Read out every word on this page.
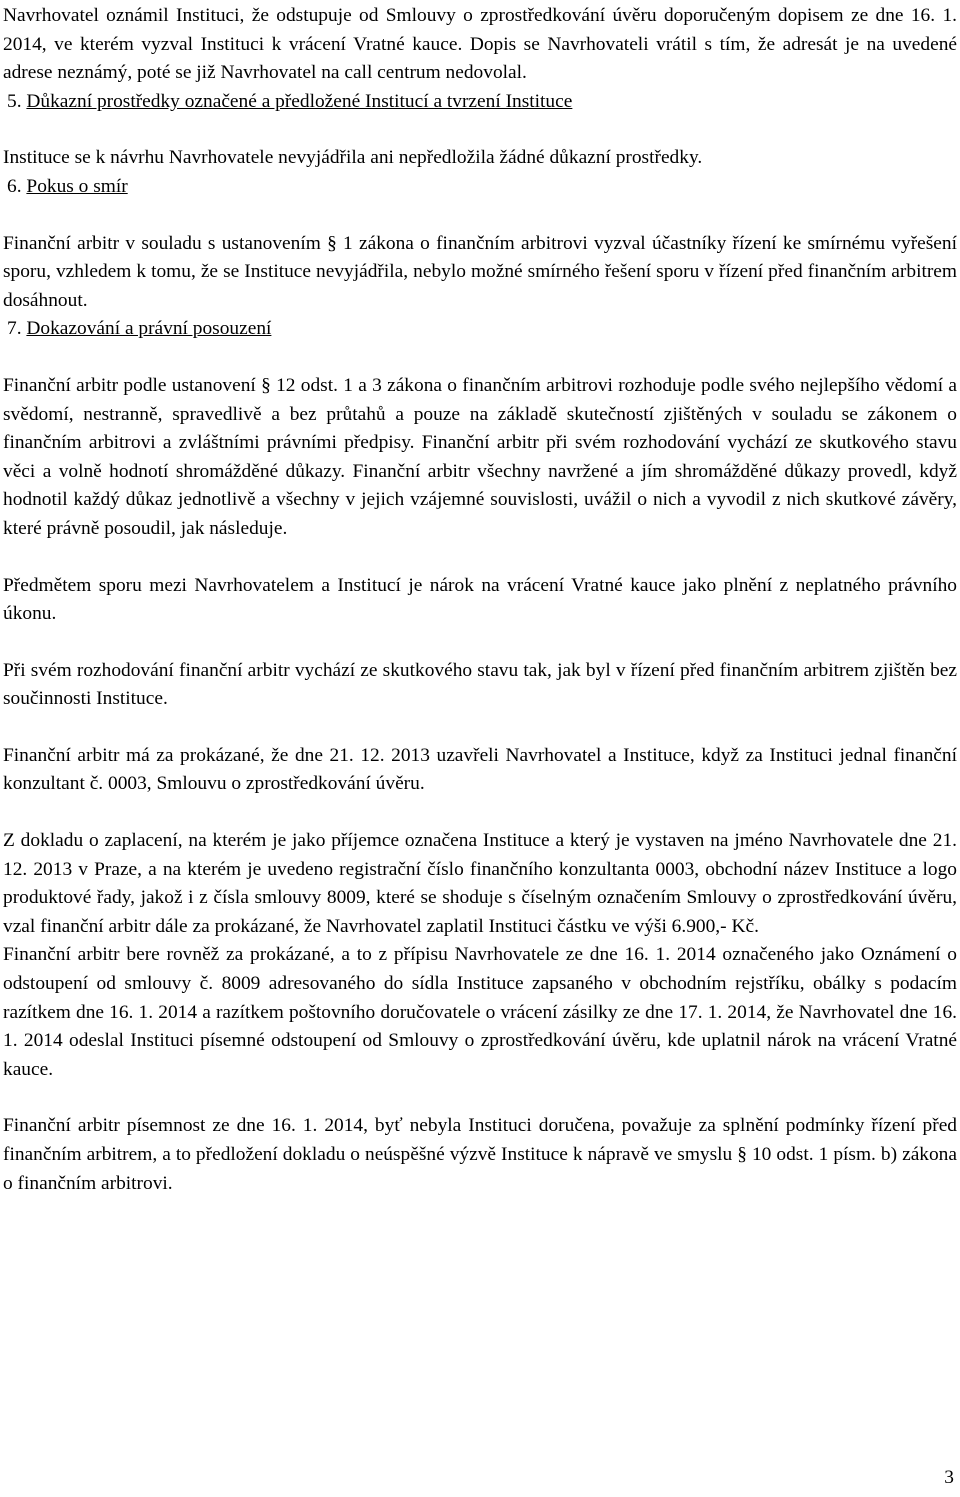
Navrhovatel oznámil Instituci, že odstupuje od Smlouvy o zprostředkování úvěru doporučeným dopisem ze dne 16. 1. 2014, ve kterém vyzval Instituci k vrácení Vratné kauce. Dopis se Navrhovateli vrátil s tím, že adresát je na uvedené adrese neznámý, poté se již Navrhovatel na call centrum nedovolal.

5. Důkazní prostředky označené a předložené Institucí a tvrzení Instituce

Instituce se k návrhu Navrhovatele nevyjádřila ani nepředložila žádné důkazní prostředky.

6. Pokus o smír

Finanční arbitr v souladu s ustanovením § 1 zákona o finančním arbitrovi vyzval účastníky řízení ke smírnému vyřešení sporu, vzhledem k tomu, že se Instituce nevyjádřila, nebylo možné smírného řešení sporu v řízení před finančním arbitrem dosáhnout.

7. Dokazování a právní posouzení

Finanční arbitr podle ustanovení § 12 odst. 1 a 3 zákona o finančním arbitrovi rozhoduje podle svého nejlepšího vědomí a svědomí, nestranně, spravedlivě a bez průtahů a pouze na základě skutečností zjištěných v souladu se zákonem o finančním arbitrovi a zvláštními právními předpisy. Finanční arbitr při svém rozhodování vychází ze skutkového stavu věci a volně hodnotí shromážděné důkazy. Finanční arbitr všechny navržené a jím shromážděné důkazy provedl, když hodnotil každý důkaz jednotlivě a všechny v jejich vzájemné souvislosti, uvážil o nich a vyvodil z nich skutkové závěry, které právně posoudil, jak následuje.

Předmětem sporu mezi Navrhovatelem a Institucí je nárok na vrácení Vratné kauce jako plnění z neplatného právního úkonu.

Při svém rozhodování finanční arbitr vychází ze skutkového stavu tak, jak byl v řízení před finančním arbitrem zjištěn bez součinnosti Instituce.

Finanční arbitr má za prokázané, že dne 21. 12. 2013 uzavřeli Navrhovatel a Instituce, když za Instituci jednal finanční konzultant č. 0003, Smlouvu o zprostředkování úvěru.

Z dokladu o zaplacení, na kterém je jako příjemce označena Instituce a který je vystaven na jméno Navrhovatele dne 21. 12. 2013 v Praze, a na kterém je uvedeno registrační číslo finančního konzultanta 0003, obchodní název Instituce a logo produktové řady, jakož i z čísla smlouvy 8009, které se shoduje s číselným označením Smlouvy o zprostředkování úvěru, vzal finanční arbitr dále za prokázané, že Navrhovatel zaplatil Instituci částku ve výši 6.900,- Kč.

Finanční arbitr bere rovněž za prokázané, a to z přípisu Navrhovatele ze dne 16. 1. 2014 označeného jako Oznámení o odstoupení od smlouvy č. 8009 adresovaného do sídla Instituce zapsaného v obchodním rejstříku, obálky s podacím razítkem dne 16. 1. 2014 a razítkem poštovního doručovatele o vrácení zásilky ze dne 17. 1. 2014, že Navrhovatel dne 16. 1. 2014 odeslal Instituci písemné odstoupení od Smlouvy o zprostředkování úvěru, kde uplatnil nárok na vrácení Vratné kauce.

Finanční arbitr písemnost ze dne 16. 1. 2014, byť nebyla Instituci doručena, považuje za splnění podmínky řízení před finančním arbitrem, a to předložení dokladu o neúspěšné výzvě Instituce k nápravě ve smyslu § 10 odst. 1 písm. b) zákona o finančním arbitrovi.

3
